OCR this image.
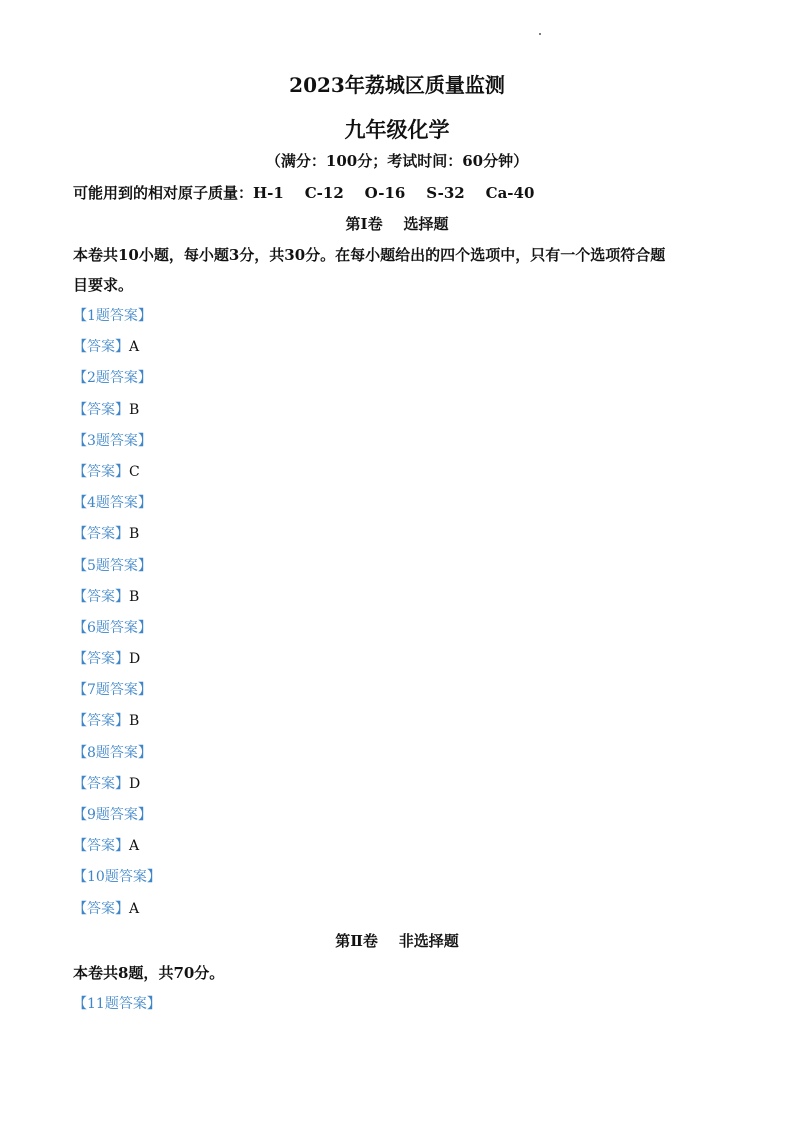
2023年荔城区质量监测
九年级化学
（满分：100分；考试时间：60分钟）
可能用到的相对原子质量：H-1    C-12    O-16    S-32    Ca-40
第Ⅰ卷    选择题
本卷共10小题，每小题3分，共30分。在每小题给出的四个选项中，只有一个选项符合题
目要求。
【1题答案】
【答案】A
【2题答案】
【答案】B
【3题答案】
【答案】C
【4题答案】
【答案】B
【5题答案】
【答案】B
【6题答案】
【答案】D
【7题答案】
【答案】B
【8题答案】
【答案】D
【9题答案】
【答案】A
【10题答案】
【答案】A
第Ⅱ卷    非选择题
本卷共8题，共70分。
【11题答案】
